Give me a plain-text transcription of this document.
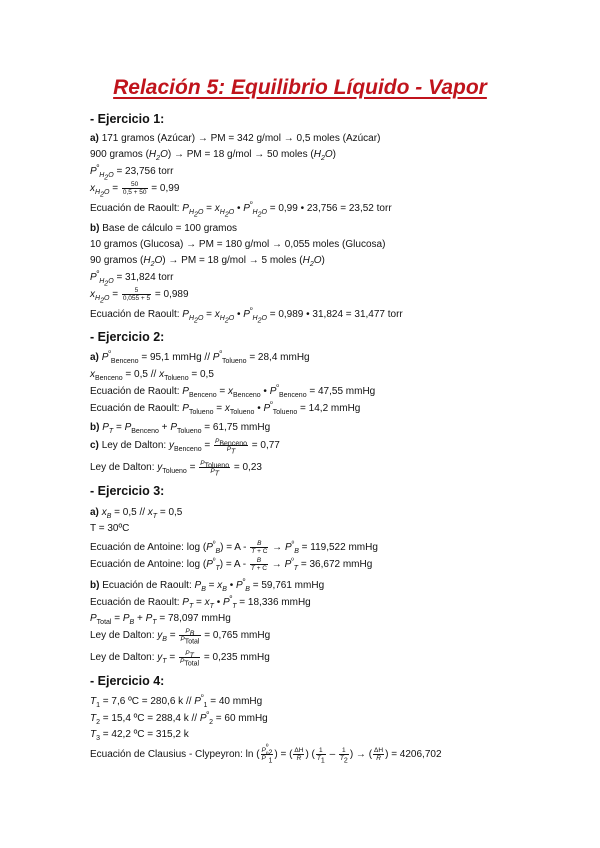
Relación 5: Equilibrio Líquido - Vapor
- Ejercicio 1:
a) 171 gramos (Azúcar) → PM = 342 g/mol → 0,5 moles (Azúcar)
900 gramos $(H_2O)$ → PM = 18 g/mol → 50 moles $(H_2O)$
$P^º_{H_2O} = 23,756$ torr
$x_{H_2O} = \frac{50}{0,5 + 50} = 0,99$
Ecuación de Raoult: $P_{H_2O} = x_{H_2O}$ • $P^º_{H_2O} = 0,99$ • 23,756 = 23,52 torr
b) Base de cálculo = 100 gramos
10 gramos (Glucosa) → PM = 180 g/mol → 0,055 moles (Glucosa)
90 gramos $(H_2O)$ → PM = 18 g/mol → 5 moles $(H_2O)$
$P^º_{H_2O} = 31,824$ torr
$x_{H_2O} = \frac{5}{0,055 + 5} = 0,989$
Ecuación de Raoult: $P_{H_2O} = x_{H_2O}$ • $P^º_{H_2O} = 0,989$ • 31,824 = 31,477 torr
- Ejercicio 2:
a) $P^º_{Benceno} = 95,1$ mmHg // $P^º_{Tolueno} = 28,4$ mmHg
$x_{Benceno} = 0,5 // x_{Tolueno} = 0,5$
Ecuación de Raoult: $P_{Benceno} = x_{Benceno}$ • $P^º_{Benceno} = 47,55$ mmHg
Ecuación de Raoult: $P_{Tolueno} = x_{Tolueno}$ • $P^º_{Tolueno} = 14,2$ mmHg
b) $P_T = P_{Benceno} + P_{Tolueno} = 61,75$ mmHg
c) Ley de Dalton: $y_{Benceno} = \frac{P_{Benceno}}{P_T} = 0,77$
Ley de Dalton: $y_{Tolueno} = \frac{P_{Tolueno}}{P_T} = 0,23$
- Ejercicio 3:
a) $x_B = 0,5 // x_T = 0,5$
T = 30ºC
Ecuación de Antoine: $\log (P^º_B) = A - \frac{B}{T + C} \to P^º_B = 119,522$ mmHg
Ecuación de Antoine: $\log (P^º_T) = A - \frac{B}{T + C} \to P^º_T = 36,672$ mmHg
b) Ecuación de Raoult: $P_B = x_B$ • $P^º_B = 59,761$ mmHg
Ecuación de Raoult: $P_T = x_T$ • $P^º_T = 18,336$ mmHg
$P_{Total} = P_B + P_T = 78,097$ mmHg
Ley de Dalton: $y_B = \frac{P_B}{P_{Total}} = 0,765$ mmHg
Ley de Dalton: $y_T = \frac{P_T}{P_{Total}} = 0,235$ mmHg
- Ejercicio 4:
$T_1 = 7,6$ ºC = 280,6 $k // P^º_1 = 40$ mmHg
$T_2 = 15,4$ ºC = 288,4 $k // P^º_2 = 60$ mmHg
$T_3 = 42,2$ ºC = 315,2 k
Ecuación de Clausius - Clypeyron: ln ( $\frac{P^º_2}{P^º_1}$ ) = ( $\frac{\Delta H}{R}$ ) ( $\frac{1}{T_1} - \frac{1}{T_2}$ ) → ( $\frac{\Delta H}{R}$ ) = 4206,702
